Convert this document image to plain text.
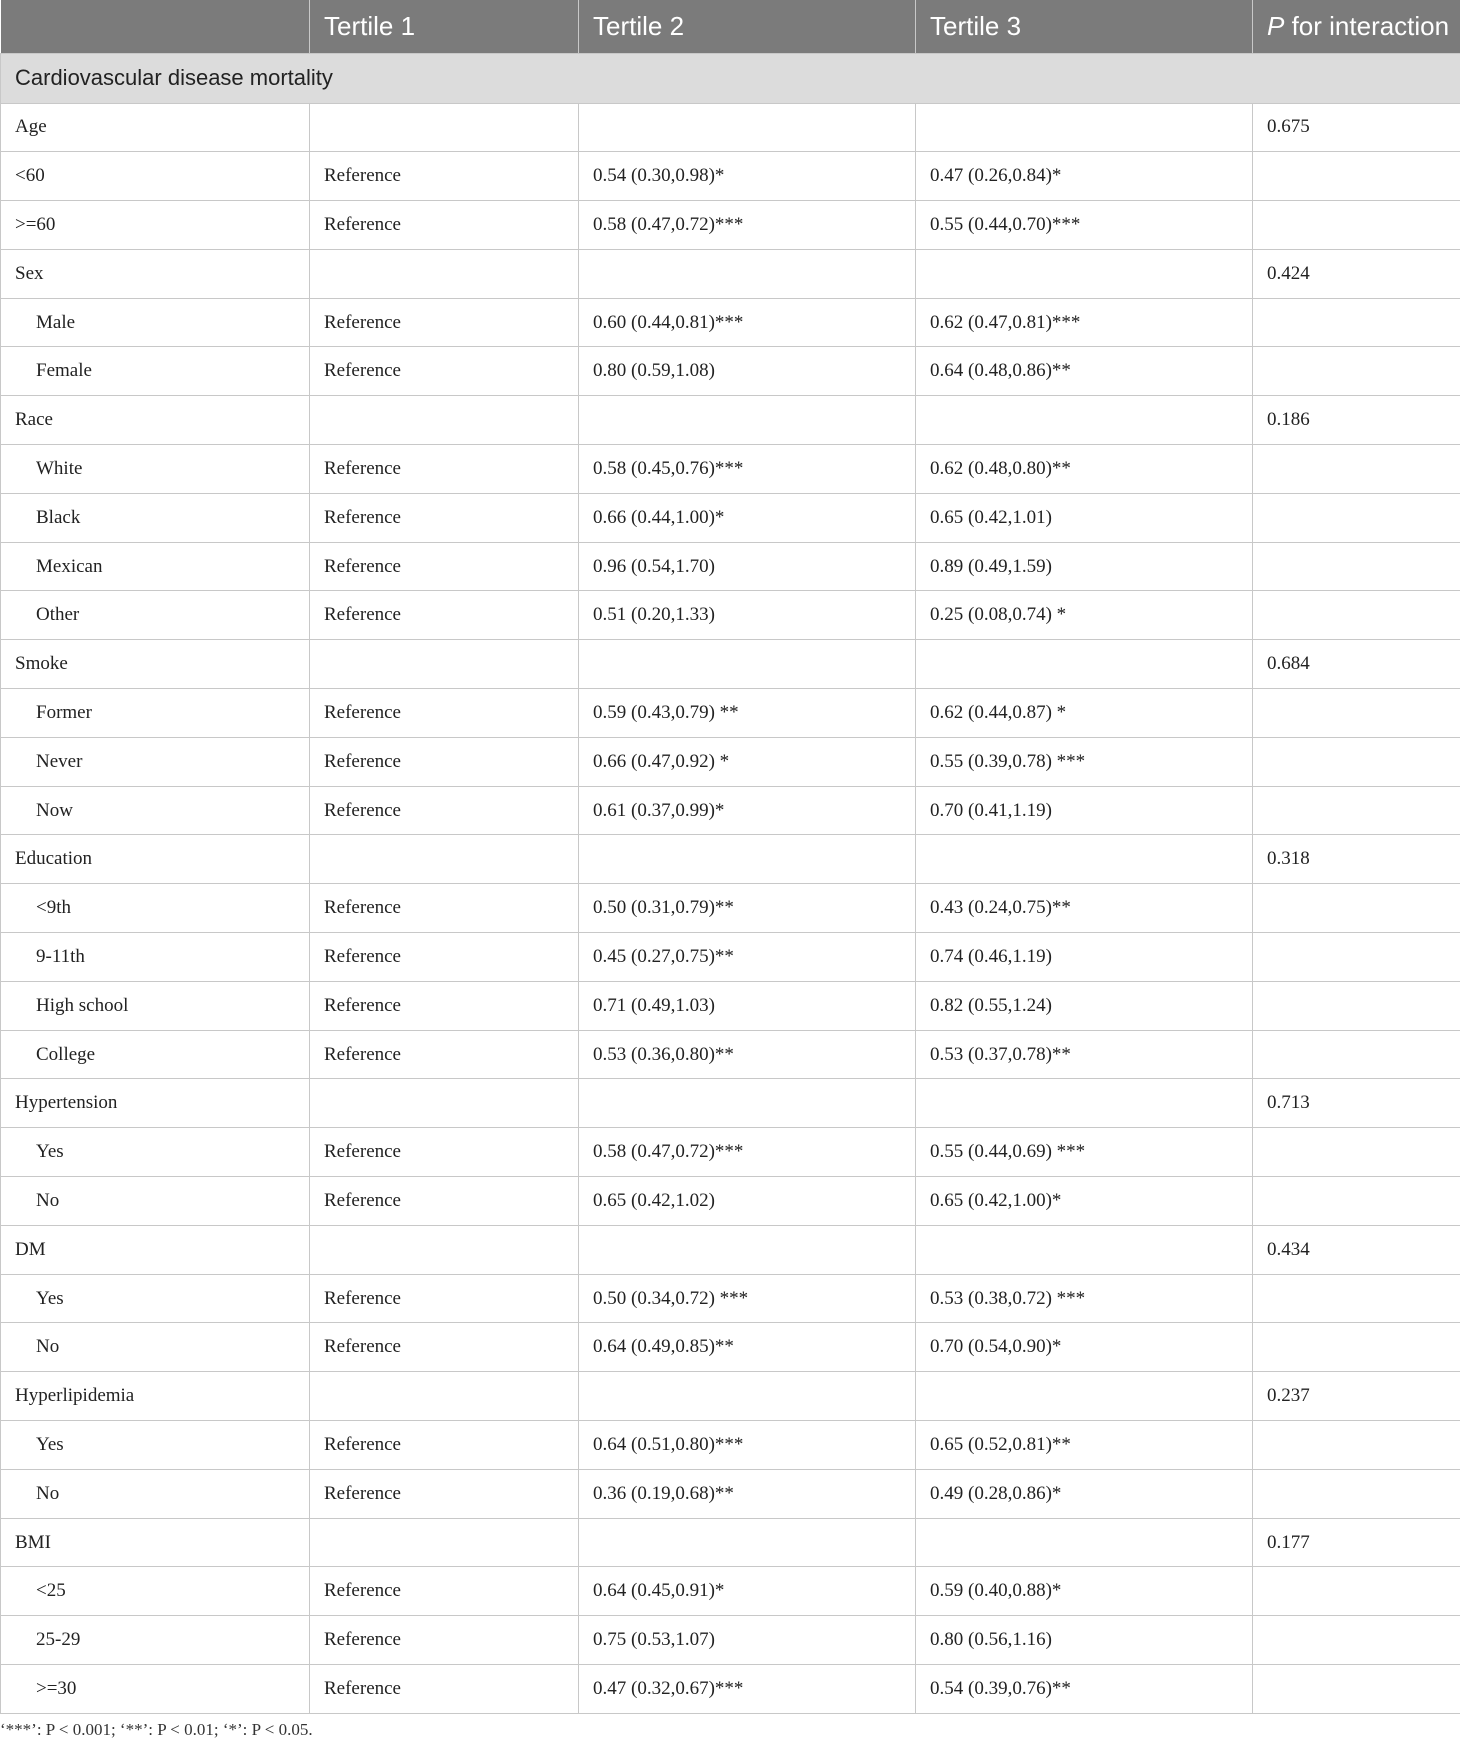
	Tertile 1	Tertile 2	Tertile 3	P for interaction
Cardiovascular disease mortality				
Age				0.675
<60	Reference	0.54 (0.30,0.98)*	0.47 (0.26,0.84)*	
>=60	Reference	0.58 (0.47,0.72)***	0.55 (0.44,0.70)***	
Sex				0.424
Male	Reference	0.60 (0.44,0.81)***	0.62 (0.47,0.81)***	
Female	Reference	0.80 (0.59,1.08)	0.64 (0.48,0.86)**	
Race				0.186
White	Reference	0.58 (0.45,0.76)***	0.62 (0.48,0.80)**	
Black	Reference	0.66 (0.44,1.00)*	0.65 (0.42,1.01)	
Mexican	Reference	0.96 (0.54,1.70)	0.89 (0.49,1.59)	
Other	Reference	0.51 (0.20,1.33)	0.25 (0.08,0.74) *	
Smoke				0.684
Former	Reference	0.59 (0.43,0.79) **	0.62 (0.44,0.87) *	
Never	Reference	0.66 (0.47,0.92) *	0.55 (0.39,0.78) ***	
Now	Reference	0.61 (0.37,0.99)*	0.70 (0.41,1.19)	
Education				0.318
<9th	Reference	0.50 (0.31,0.79)**	0.43 (0.24,0.75)**	
9-11th	Reference	0.45 (0.27,0.75)**	0.74 (0.46,1.19)	
High school	Reference	0.71 (0.49,1.03)	0.82 (0.55,1.24)	
College	Reference	0.53 (0.36,0.80)**	0.53 (0.37,0.78)**	
Hypertension				0.713
Yes	Reference	0.58 (0.47,0.72)***	0.55 (0.44,0.69) ***	
No	Reference	0.65 (0.42,1.02)	0.65 (0.42,1.00)*	
DM				0.434
Yes	Reference	0.50 (0.34,0.72) ***	0.53 (0.38,0.72) ***	
No	Reference	0.64 (0.49,0.85)**	0.70 (0.54,0.90)*	
Hyperlipidemia				0.237
Yes	Reference	0.64 (0.51,0.80)***	0.65 (0.52,0.81)**	
No	Reference	0.36 (0.19,0.68)**	0.49 (0.28,0.86)*	
BMI				0.177
<25	Reference	0.64 (0.45,0.91)*	0.59 (0.40,0.88)*	
25-29	Reference	0.75 (0.53,1.07)	0.80 (0.56,1.16)	
>=30	Reference	0.47 (0.32,0.67)***	0.54 (0.39,0.76)**	
‘***’: P < 0.001; ‘**’: P < 0.01; ‘*’: P < 0.05.
